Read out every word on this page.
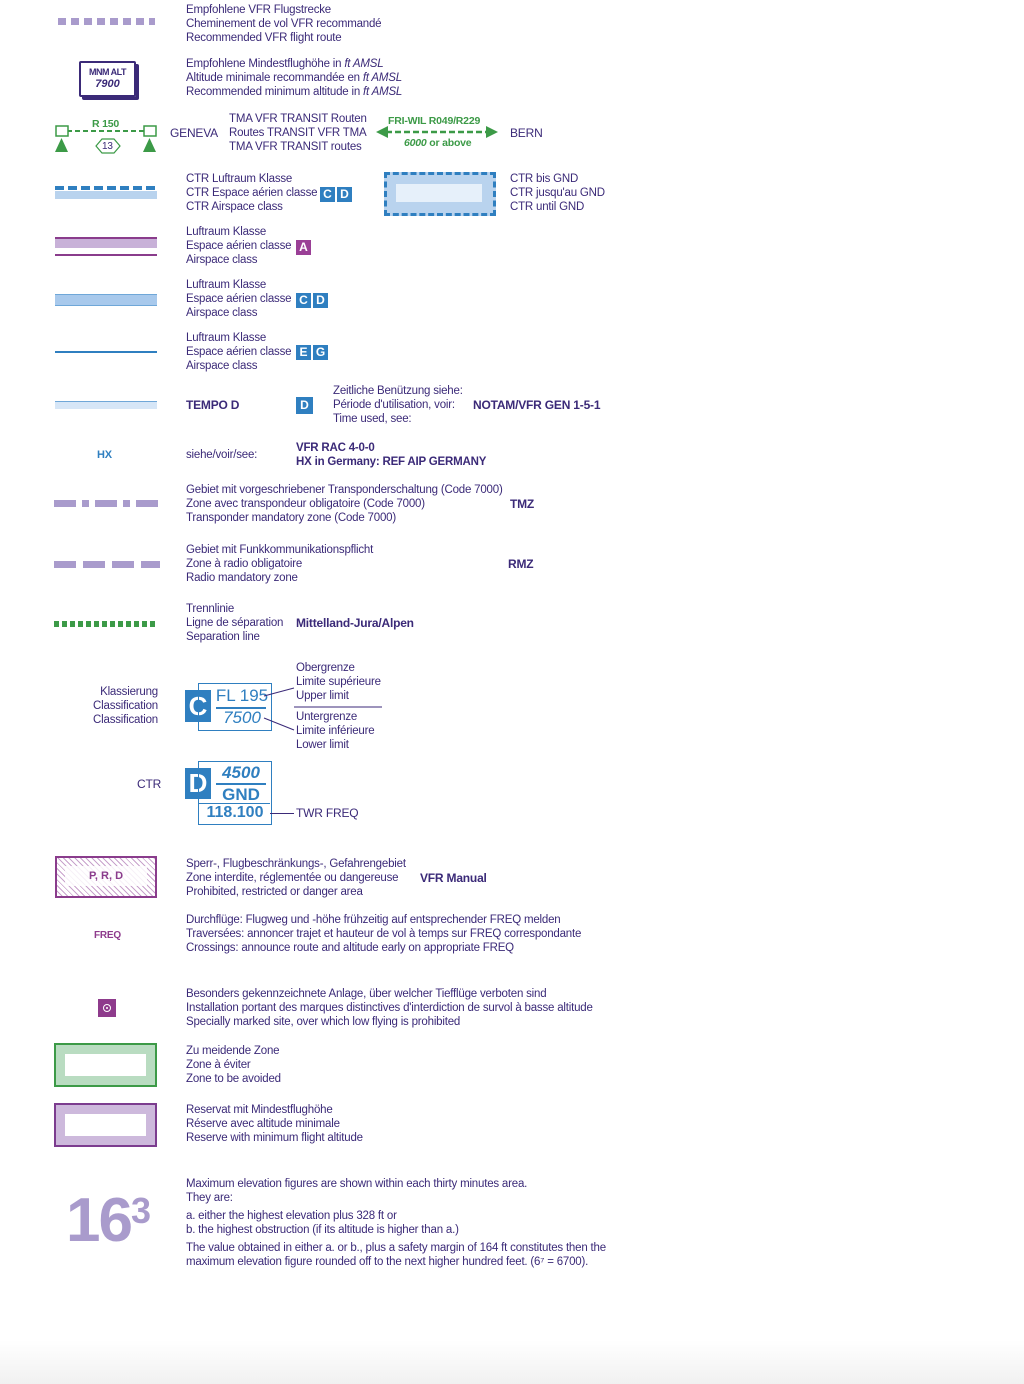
Empfohlene VFR Flugstrecke
Cheminement de vol VFR recommandé
Recommended VFR flight route
MNM ALT
7900
Empfohlene Mindestflughöhe in ft AMSL
Altitude minimale recommandée en ft AMSL
Recommended minimum altitude in ft AMSL
R 150
13
GENEVA
TMA VFR TRANSIT Routen
Routes TRANSIT VFR TMA
TMA VFR TRANSIT routes
FRI-WIL R049/R229
6000 or above
BERN
CTR Luftraum Klasse
CTR Espace aérien classe
CTR Airspace class
C D
CTR bis GND
CTR jusqu'au GND
CTR until GND
Luftraum Klasse
Espace aérien classe
Airspace class
A
Luftraum Klasse
Espace aérien classe
Airspace class
C D
Luftraum Klasse
Espace aérien classe
Airspace class
E G
TEMPO D	D
Zeitliche Benützung siehe:
Période d'utilisation, voir:
Time used, see:
NOTAM/VFR GEN 1-5-1
HX	siehe/voir/see:
VFR RAC 4-0-0
HX in Germany: REF AIP GERMANY
Gebiet mit vorgeschriebener Transponderschaltung (Code 7000)
Zone avec transpondeur obligatoire (Code 7000)
Transponder mandatory zone (Code 7000)
TMZ
Gebiet mit Funkkommunikationspflicht
Zone à radio obligatoire
Radio mandatory zone
RMZ
Trennlinie
Ligne de séparation
Separation line
Mittelland-Jura/Alpen
Klassierung
Classification
Classification C FL 195
7500
Obergrenze
Limite supérieure
Upper limit
Untergrenze
Limite inférieure
Lower limit
CTR D 4500
GND
118.100	TWR FREQ
P, R, D
Sperr-, Flugbeschränkungs-, Gefahrengebiet
Zone interdite, réglementée ou dangereuse
Prohibited, restricted or danger area
VFR Manual
FREQ
Durchflüge: Flugweg und -höhe frühzeitig auf entsprechender FREQ melden
Traversées: annoncer trajet et hauteur de vol à temps sur FREQ correspondante
Crossings: announce route and altitude early on appropriate FREQ
Besonders gekennzeichnete Anlage, über welcher Tiefflüge verboten sind
Installation portant des marques distinctives d'interdiction de survol à basse altitude
Specially marked site, over which low flying is prohibited
Zu meidende Zone
Zone à éviter
Zone to be avoided
Reservat mit Mindestflughöhe
Réserve avec altitude minimale
Reserve with minimum flight altitude
163
Maximum elevation figures are shown within each thirty minutes area.
They are:
a. either the highest elevation plus 328 ft or
b. the highest obstruction (if its altitude is higher than a.)
The value obtained in either a. or b., plus a safety margin of 164 ft constitutes then the
maximum elevation figure rounded off to the next higher hundred feet. (6⁷ = 6700).
